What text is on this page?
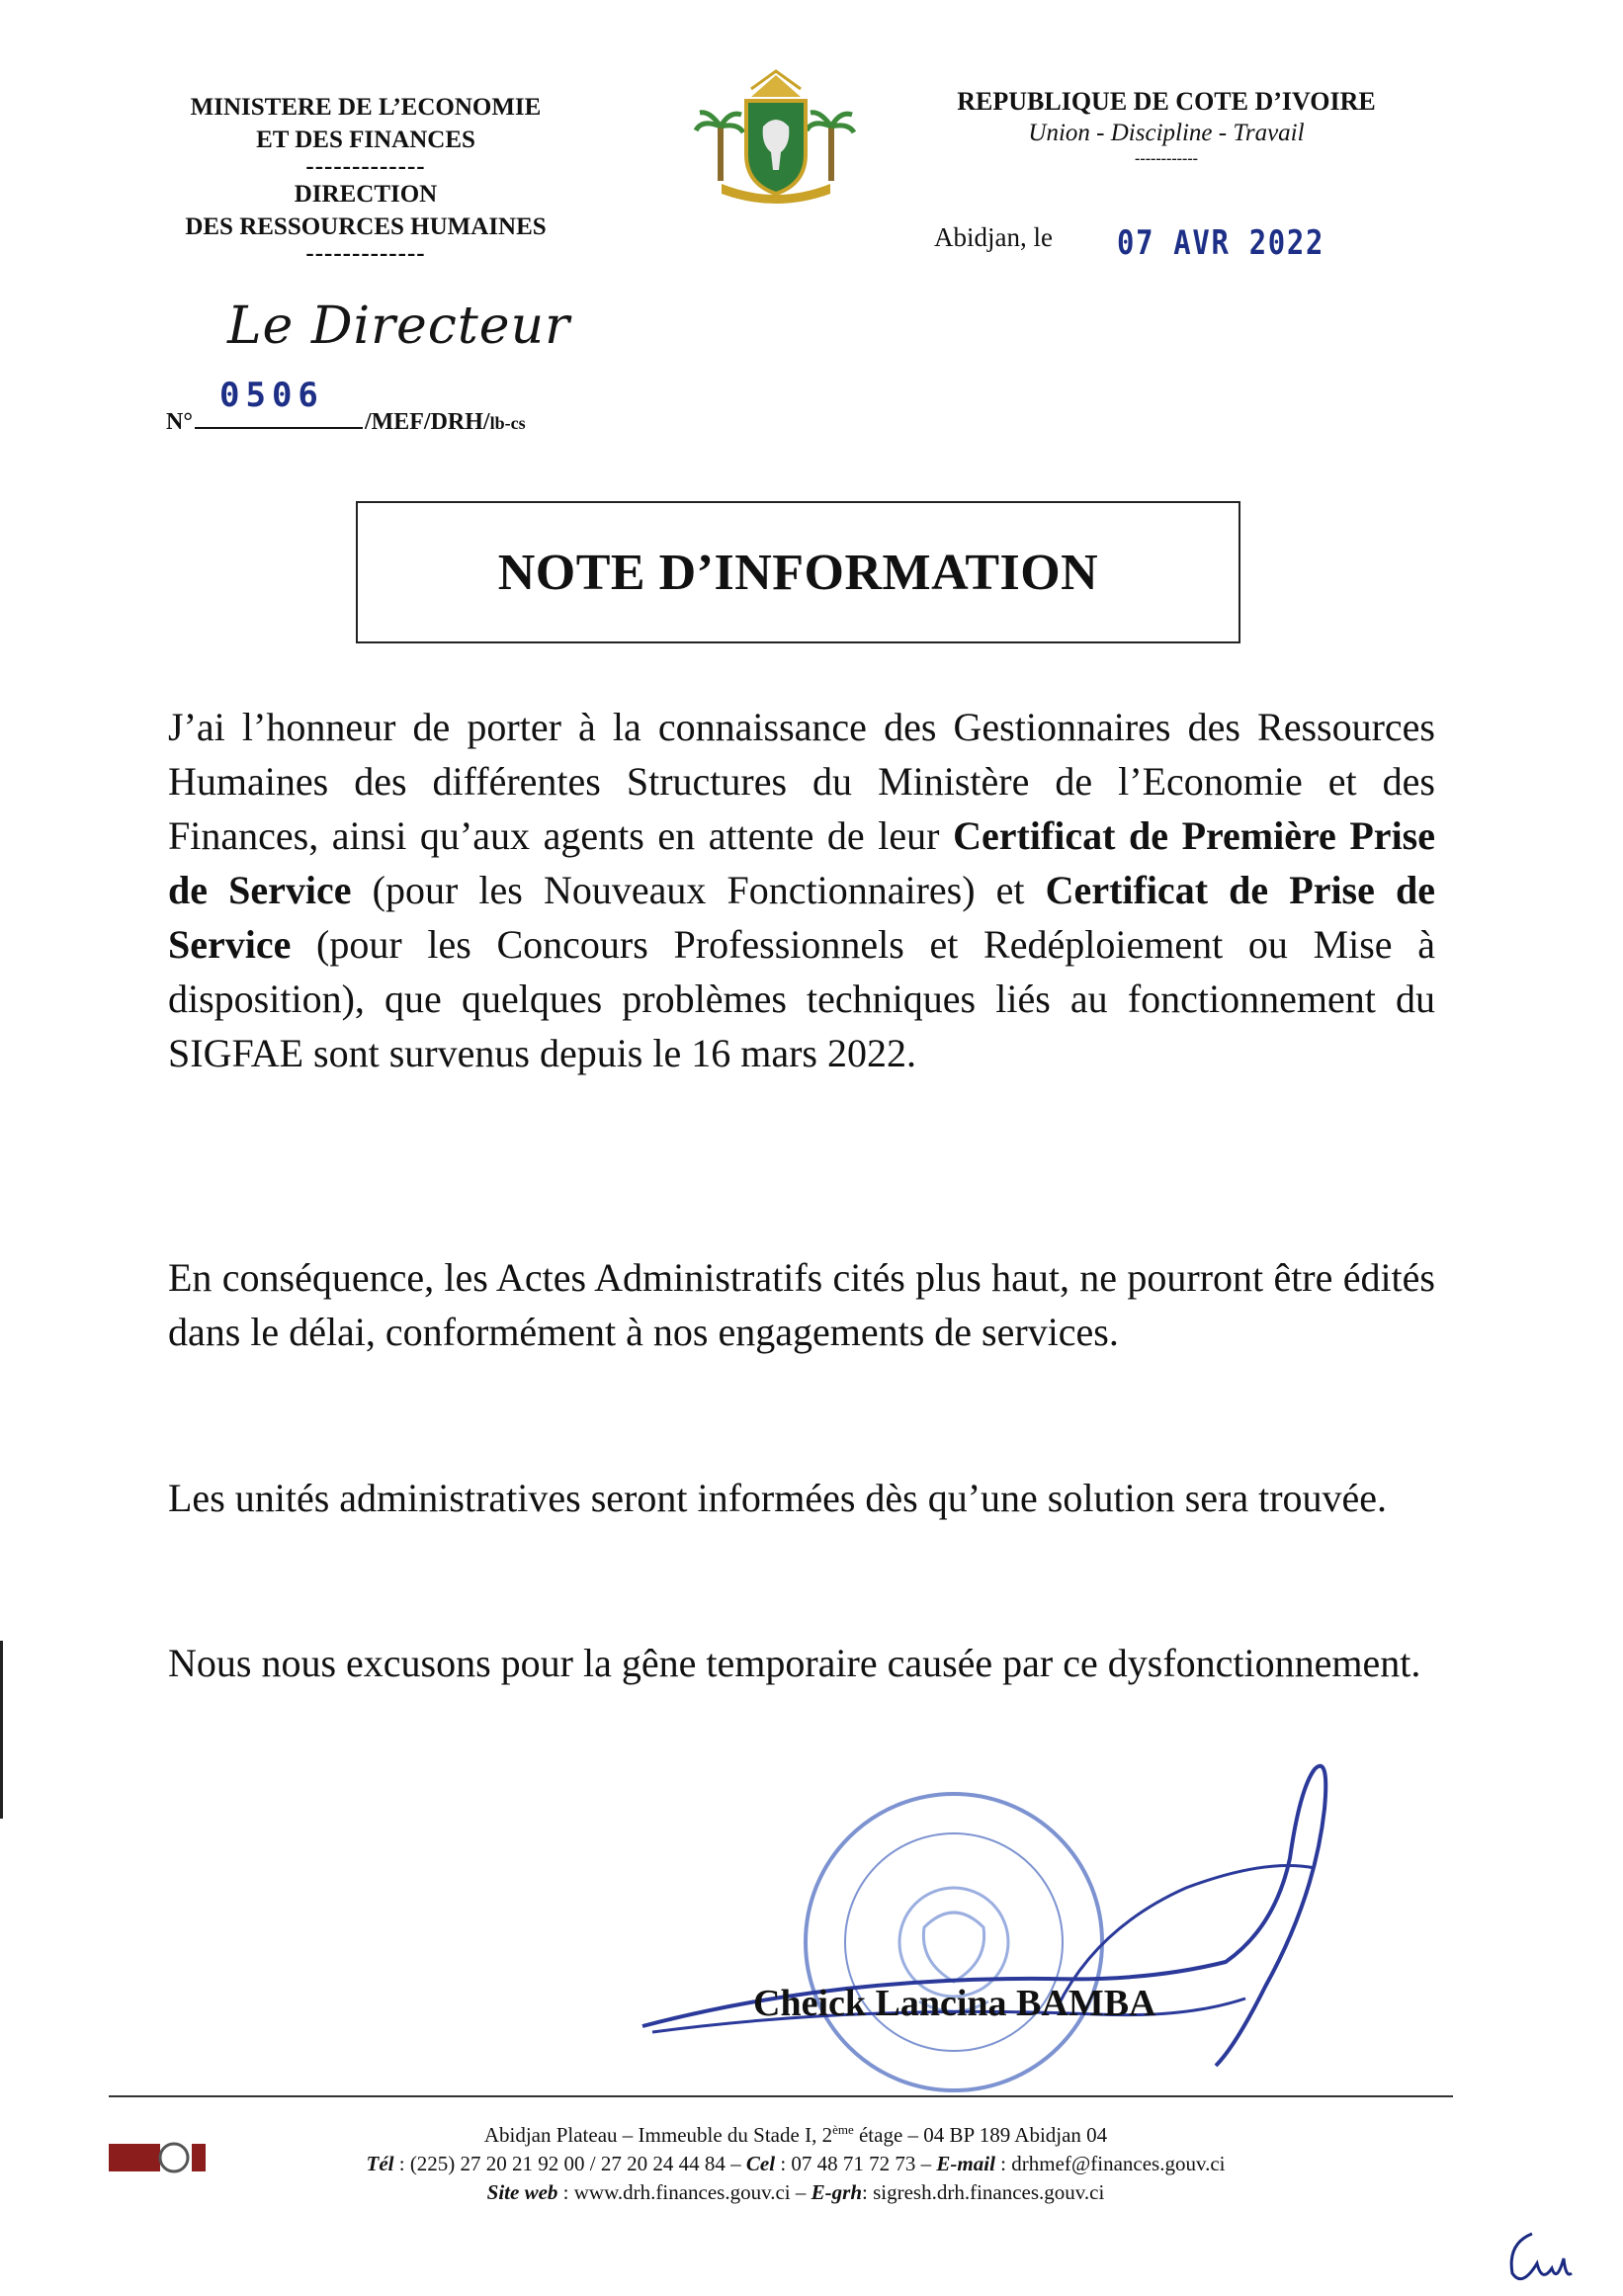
MINISTERE DE L’ECONOMIE
ET DES FINANCES
-------------
DIRECTION
DES RESSOURCES HUMAINES
-------------
REPUBLIQUE DE COTE D’IVOIRE
Union - Discipline - Travail
------------
Abidjan, le 07 AVR 2022
Le Directeur
0506
N°	/MEF/DRH/lb-cs
NOTE D’INFORMATION
J’ai l’honneur de porter à la connaissance des Gestionnaires des Ressources Humaines des différentes Structures du Ministère de l’Economie et des Finances, ainsi qu’aux agents en attente de leur Certificat de Première Prise de Service (pour les Nouveaux Fonctionnaires) et Certificat de Prise de Service (pour les Concours Professionnels et Redéploiement ou Mise à disposition), que quelques problèmes techniques liés au fonctionnement du SIGFAE sont survenus depuis le 16 mars 2022.
En conséquence, les Actes Administratifs cités plus haut, ne pourront être édités dans le délai, conformément à nos engagements de services.
Les unités administratives seront informées dès qu’une solution sera trouvée.
Nous nous excusons pour la gêne temporaire causée par ce dysfonctionnement.
Cheick Lancina BAMBA
Abidjan Plateau – Immeuble du Stade I, 2ème étage – 04 BP 189 Abidjan 04
Tél : (225) 27 20 21 92 00 / 27 20 24 44 84 – Cel : 07 48 71 72 73 – E-mail : drhmef@finances.gouv.ci
Site web : www.drh.finances.gouv.ci – E-grh: sigresh.drh.finances.gouv.ci
